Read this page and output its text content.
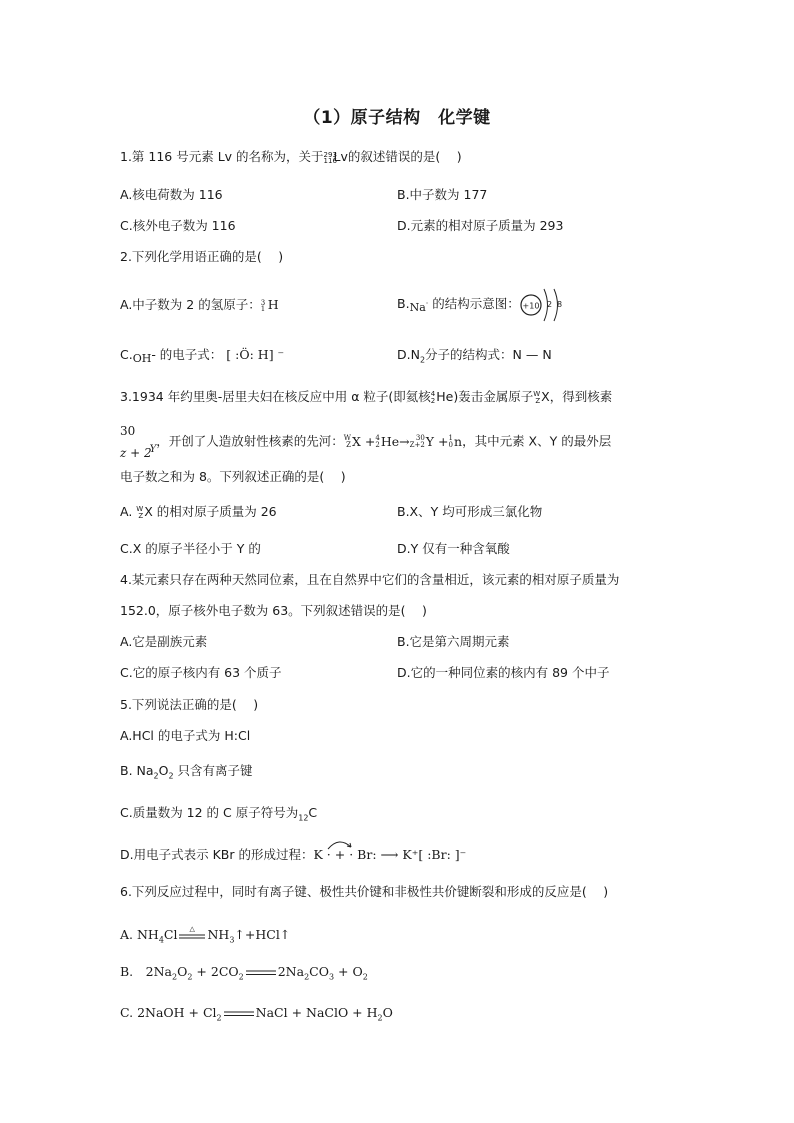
（1）原子结构　化学键
1.第 116 号元素 Lv 的名称为，关于 293
116
Lv的叙述错误的是(　 )
A.核电荷数为 116	B.中子数为 177
C.核外电子数为 116	D.元素的相对原子质量为 293
2.下列化学用语正确的是(　 )
A.中子数为 2 的氢原子： 3
1 H	B.Na· 的结构示意图： +10 2 8
C.OH- 的电子式： [ :Ö: H] ⁻	$D.N_2$分子的结构式：N — N
3.1934 年约里奥-居里夫妇在核反应中用 α 粒子(即氦核4
2He)轰击金属原子W
ZX，得到核素
30
$z + 2_Y$，开创了人造放射性核素的先河：W
ZX +4
2He→ 30
Z+2Y +1
0n，其中元素 X、Y 的最外层
电子数之和为 8。下列叙述正确的是(　 )
A. W
ZX 的相对原子质量为 26	B.X、Y 均可形成三氯化物
C.X 的原子半径小于 Y 的	D.Y 仅有一种含氧酸
4.某元素只存在两种天然同位素，且在自然界中它们的含量相近，该元素的相对原子质量为
152.0，原子核外电子数为 63。下列叙述错误的是(　 )
A.它是副族元素	B.它是第六周期元素
C.它的原子核内有 63 个质子	D.它的一种同位素的核内有 89 个中子
5.下列说法正确的是(　 )
A.HCl 的电子式为 H:Cl
B. $Na_2O_2$ 只含有离子键
C.质量数为 12 的 C 原子符号为$_{12}$C
D.用电子式表示 KBr 的形成过程：K ·
+ · Br: ⟶ K⁺[ :Br: ]⁻
6.下列反应过程中，同时有离子键、极性共价键和非极性共价键断裂和形成的反应是(　 )
A. $NH_4Cl$ △ $NH_3↑+HCl↑$
B.　$2Na_2O_2 + 2CO_2$	$2Na_2CO_3 + O_2$
C. 2NaOH + $Cl_2$	NaCl + NaClO + $H_2O$
